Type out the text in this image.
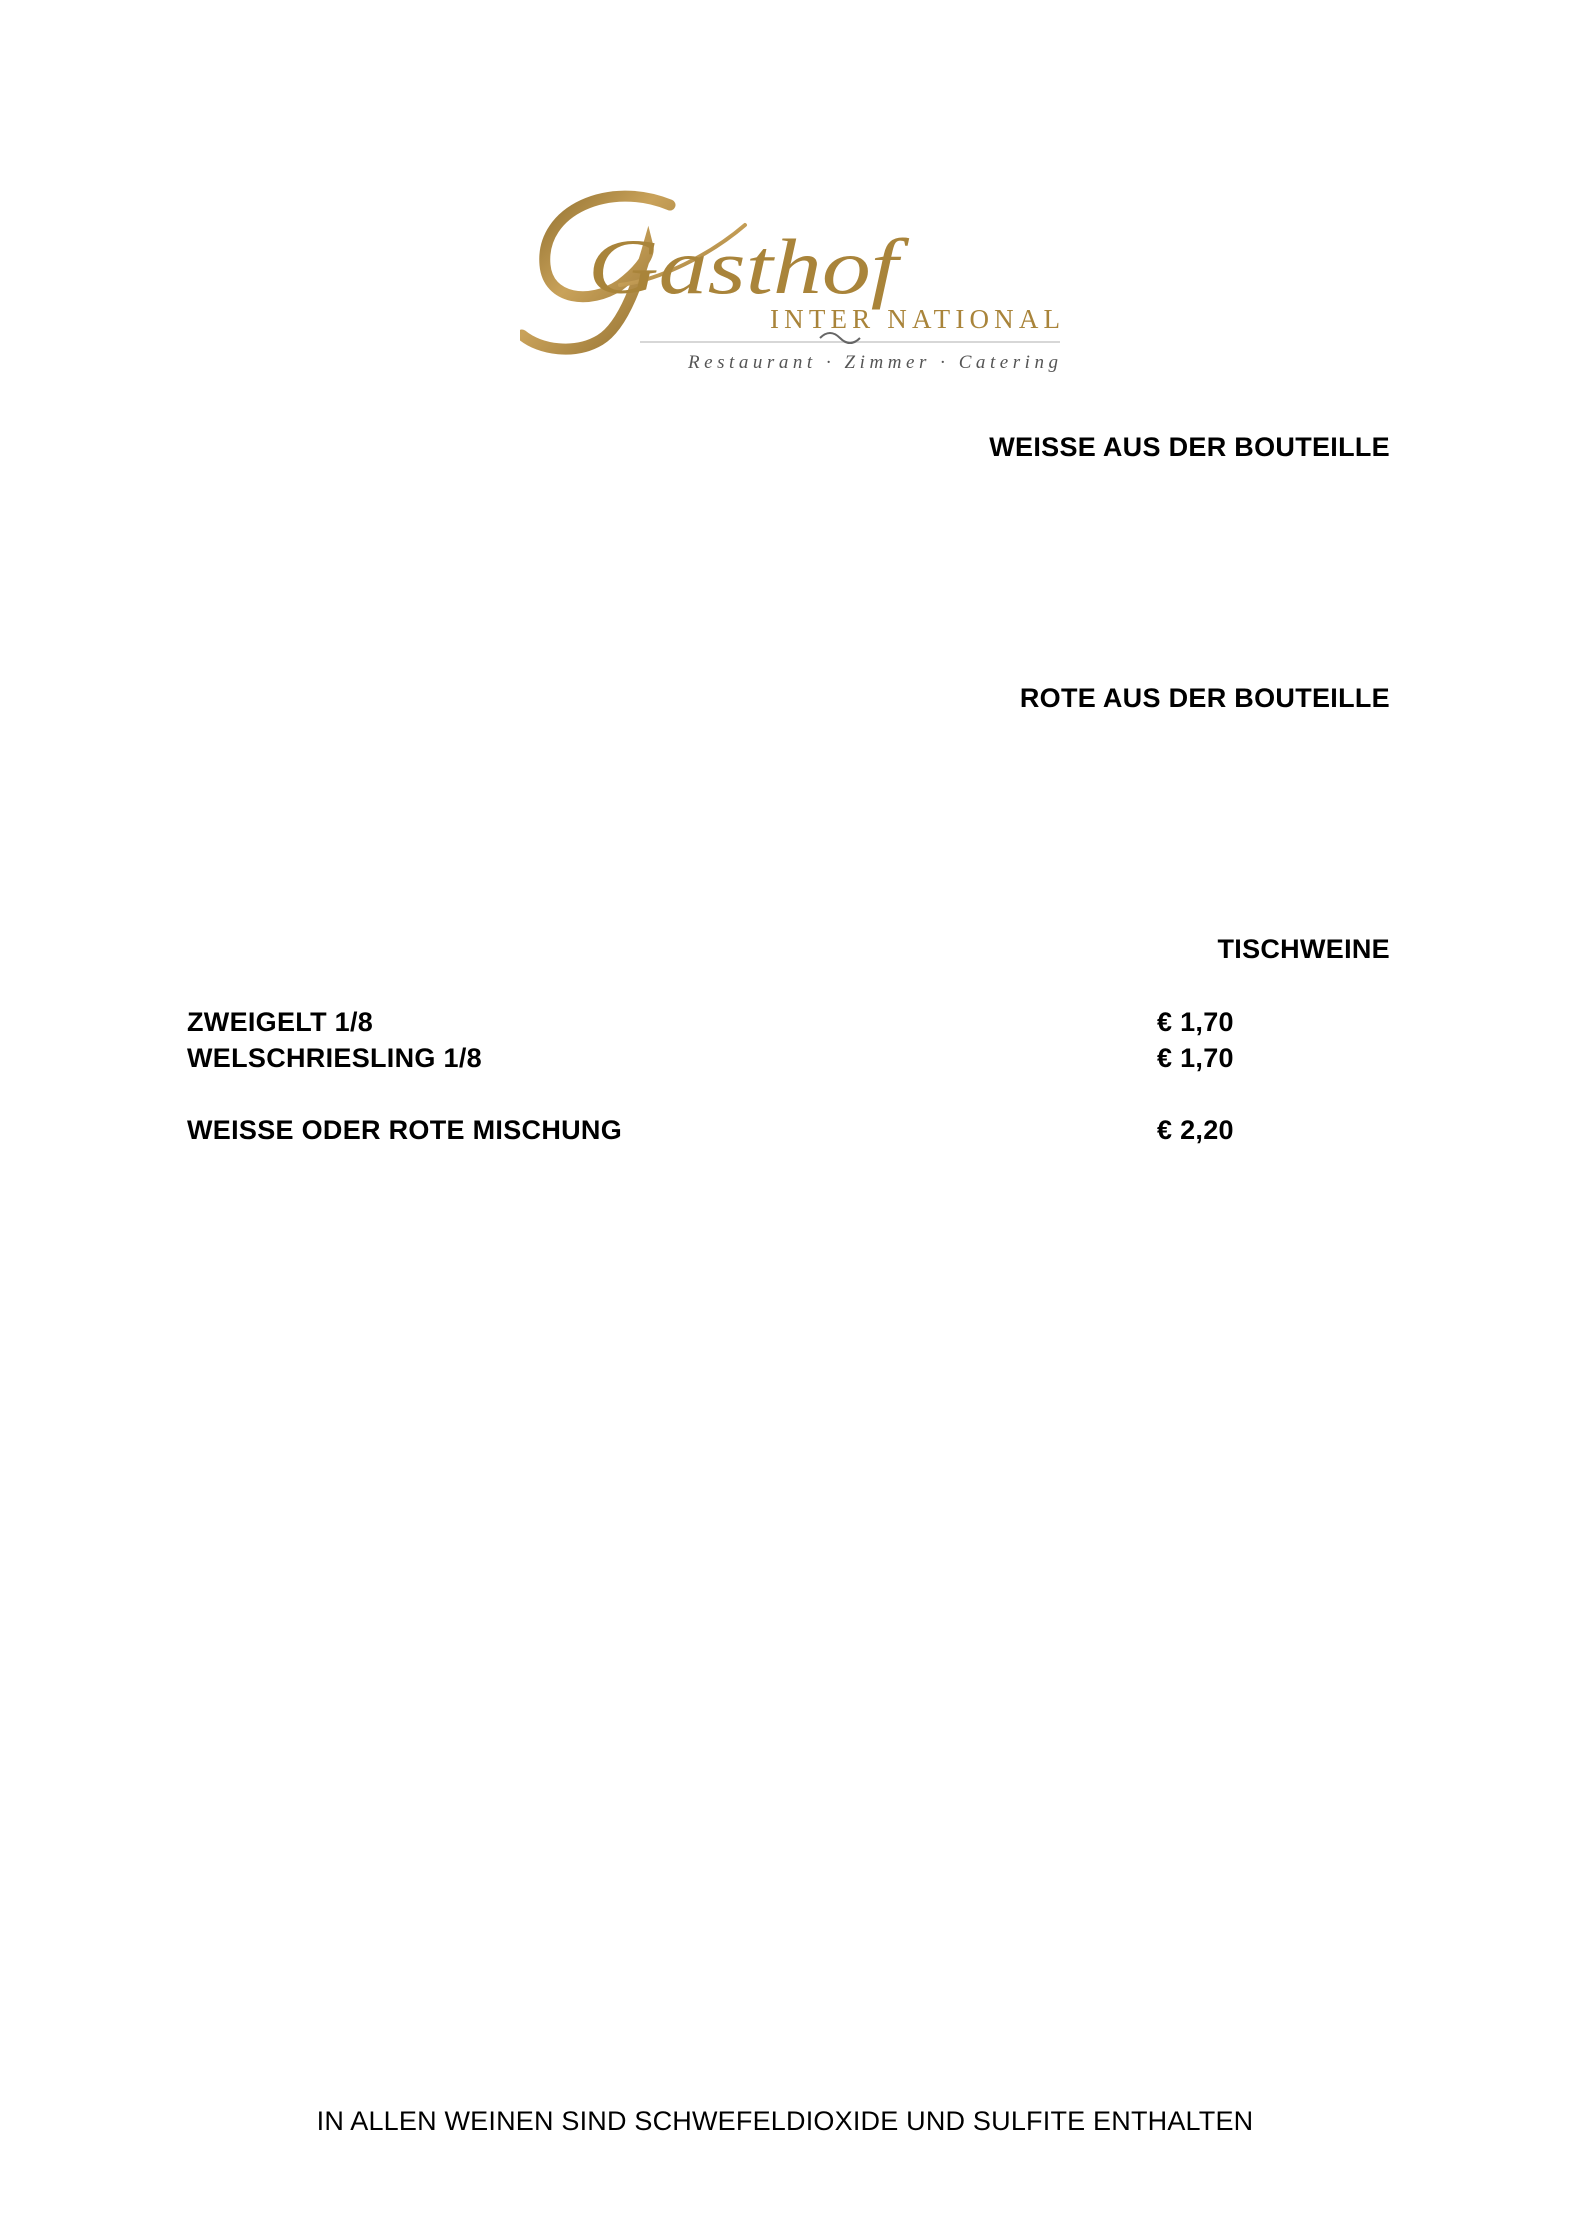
Gasthof
INTER NATIONAL
Restaurant · Zimmer · Catering
WEISSE AUS DER BOUTEILLE
ROTE AUS DER BOUTEILLE
TISCHWEINE
ZWEIGELT 1/8	€ 1,70
WELSCHRIESLING 1/8	€ 1,70
WEISSE ODER ROTE MISCHUNG	€ 2,20
IN ALLEN WEINEN SIND SCHWEFELDIOXIDE UND SULFITE ENTHALTEN
